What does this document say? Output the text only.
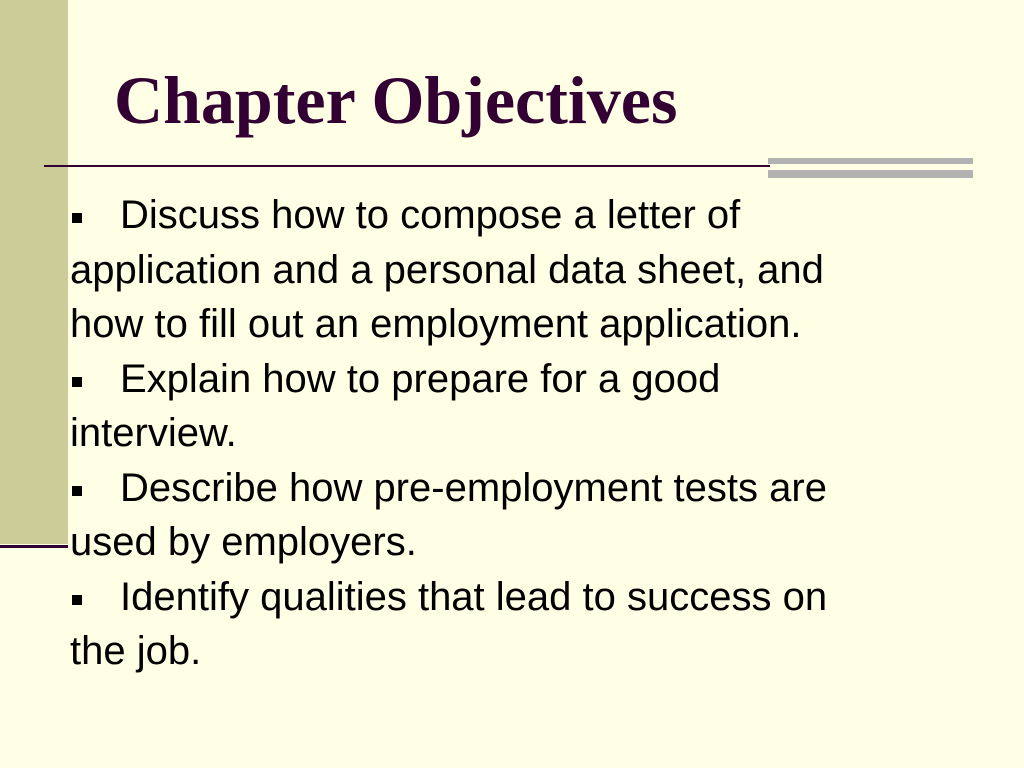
Chapter Objectives
Discuss how to compose a letter of application and a personal data sheet, and how to fill out an employment application.
Explain how to prepare for a good interview.
Describe how pre-employment tests are used by employers.
Identify qualities that lead to success on the job.
